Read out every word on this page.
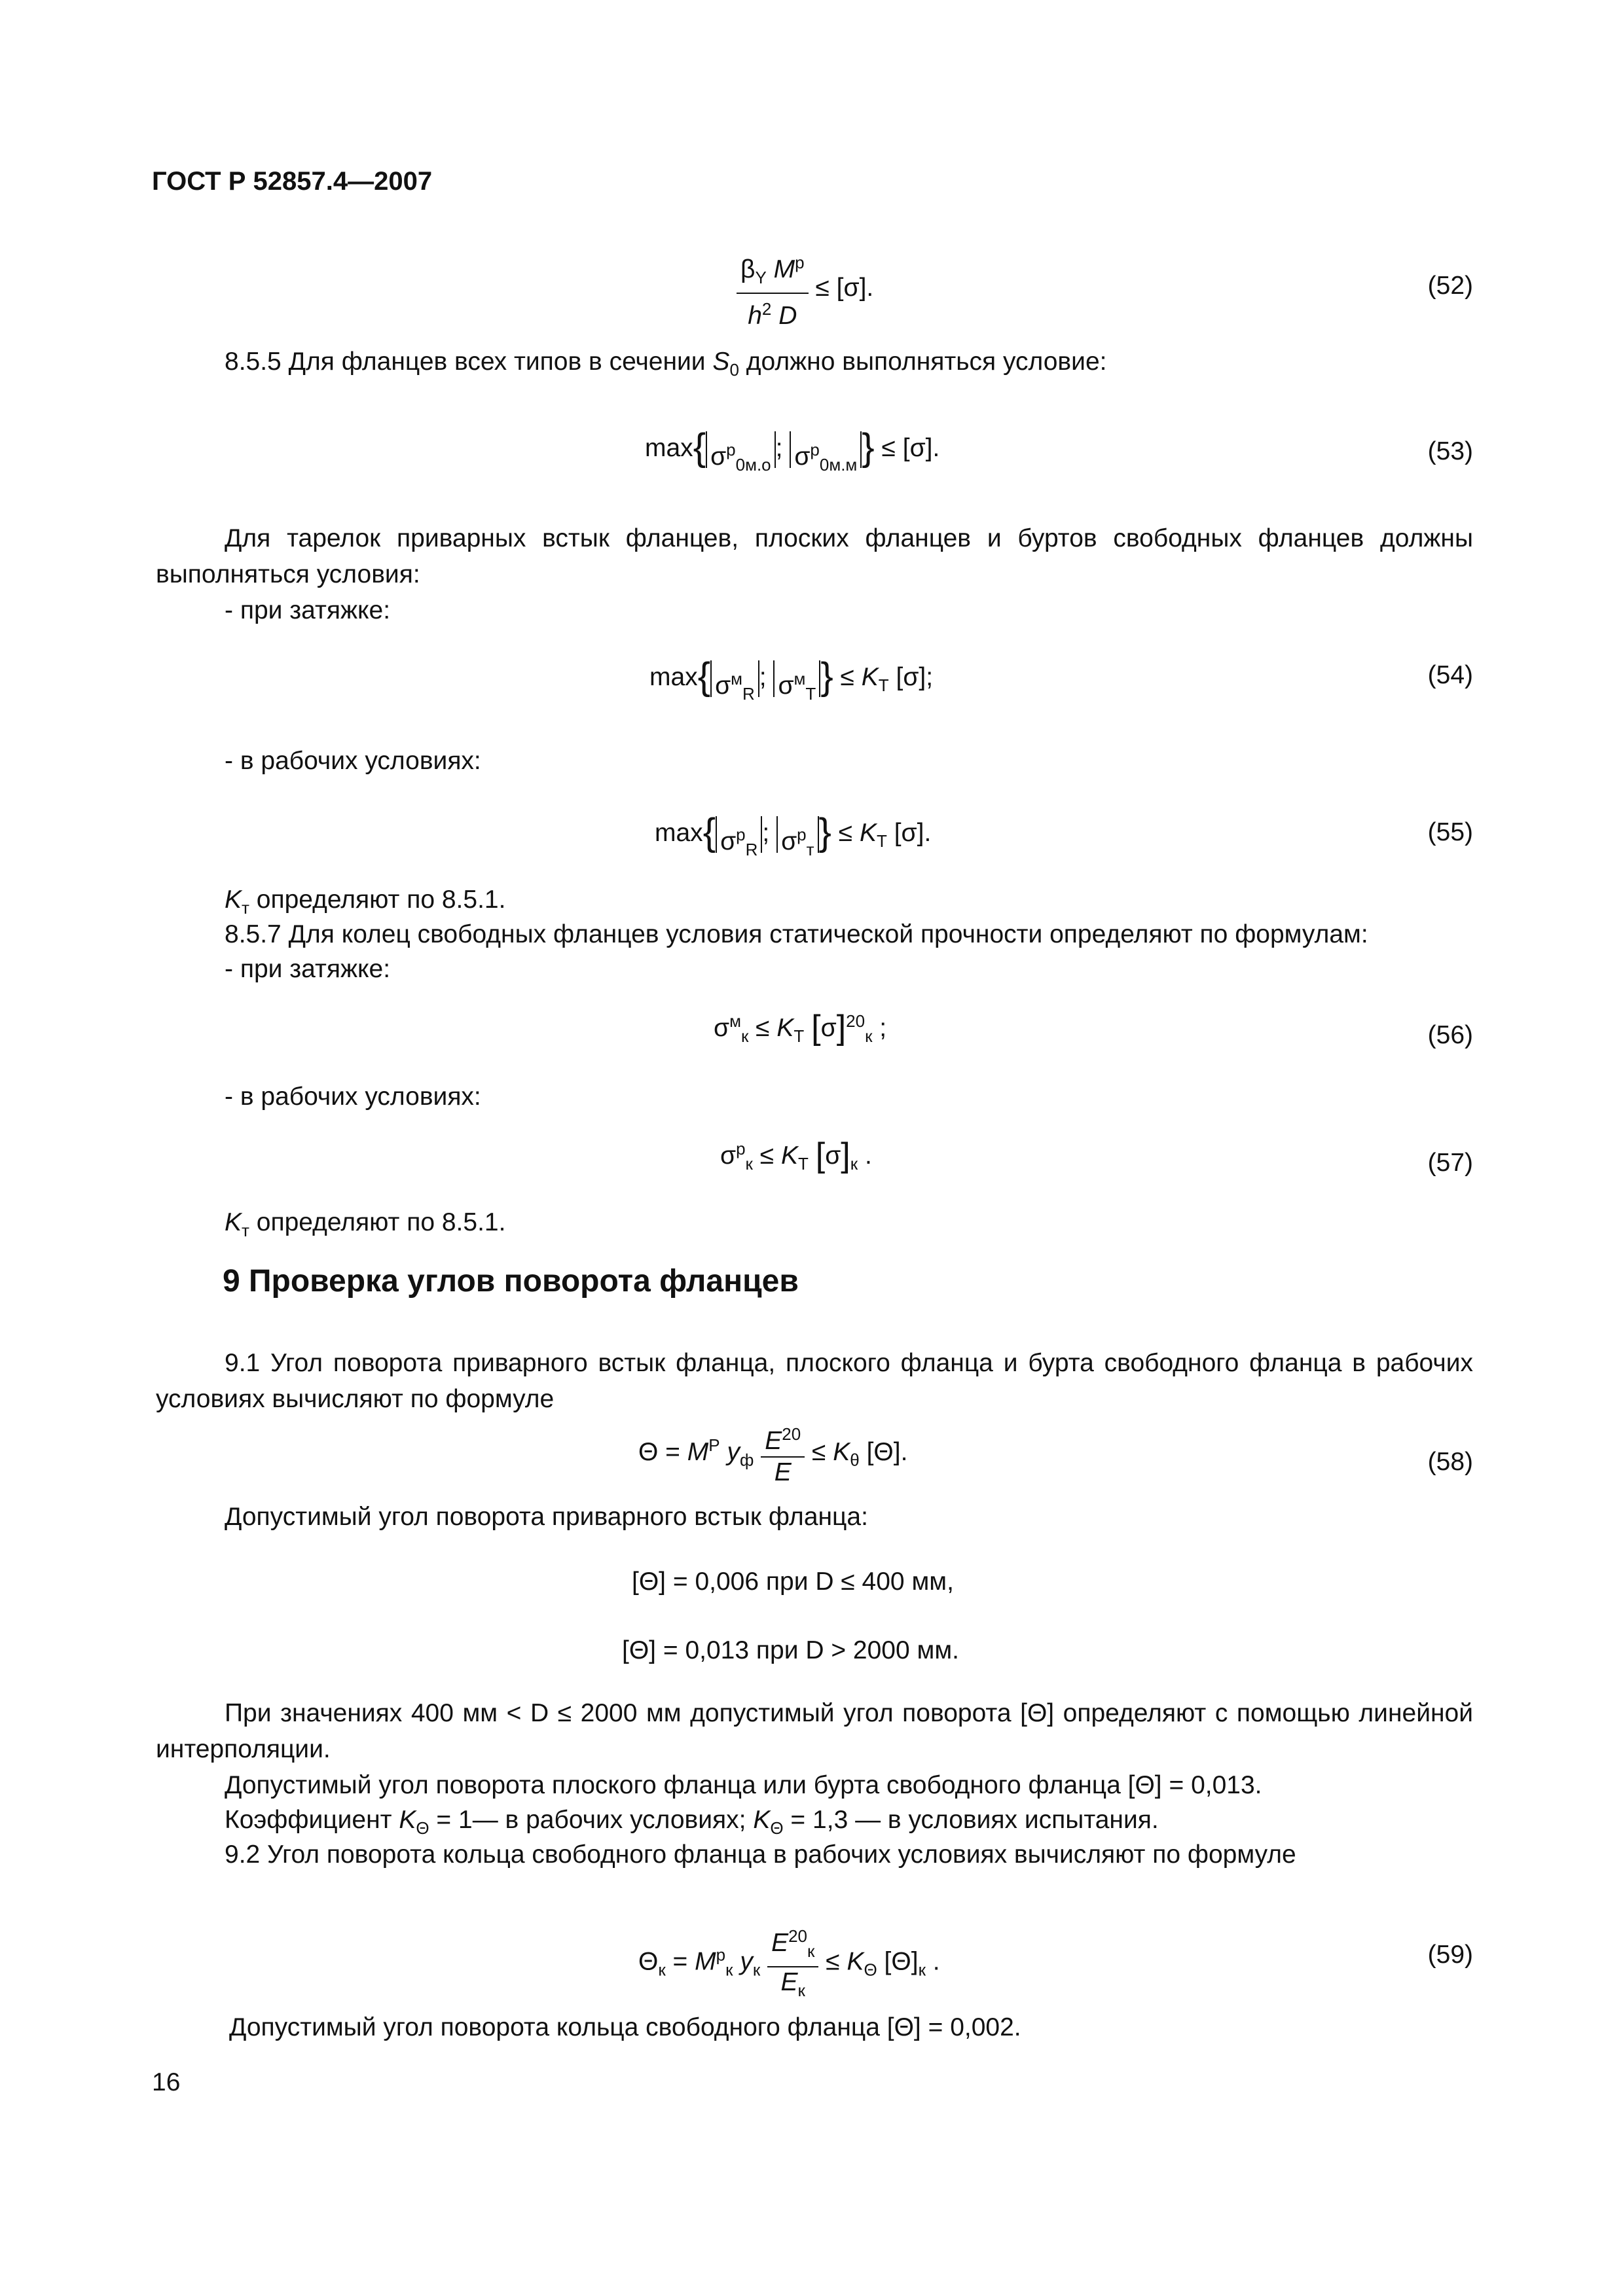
ГОСТ Р 52857.4—2007
$\frac{\beta_Y M^p}{h^2 D} \le [\sigma]$.	(52)
8.5.5 Для фланцев всех типов в сечении $S_0$ должно выполняться условие:
max{ $\sigma^p_{0м.о}$; $\sigma^p_{0м.м}$ } ≤ [σ].	(53)
Для тарелок приварных встык фланцев, плоских фланцев и буртов свободных фланцев должны выполняться условия:
- при затяжке:
max{ $\sigma^м_R$; $\sigma^м_T$ } ≤ $K_T$ [σ];	(54)
- в рабочих условиях:
max{ $\sigma^p_R$; $\sigma^p_т$ } ≤ $K_T$ [σ].	(55)
$K_т$ определяют по 8.5.1.
8.5.7 Для колец свободных фланцев условия статической прочности определяют по формулам:
- при затяжке:
$\sigma^м_к \le K_T$ $[\sigma]^{20}_к$ ;	(56)
- в рабочих условиях:
$\sigma^p_к \le K_T$ $[\sigma]_к$ .	(57)
$K_т$ определяют по 8.5.1.
9 Проверка углов поворота фланцев
9.1 Угол поворота приварного встык фланца, плоского фланца и бурта свободного фланца в рабочих условиях вычисляют по формуле
$\Theta = M^P$ $y_ф \frac{E^{20}}{E} \le K_\theta$ [Θ].	(58)
Допустимый угол поворота приварного встык фланца:
[Θ] = 0,006 при D ≤ 400 мм,
[Θ] = 0,013 при D > 2000 мм.
При значениях 400 мм < D ≤ 2000 мм допустимый угол поворота [Θ] определяют с помощью линейной интерполяции.
Допустимый угол поворота плоского фланца или бурта свободного фланца [Θ] = 0,013.
Коэффициент $K_\Theta$ = 1— в рабочих условиях; $K_\Theta = 1,3$ — в условиях испытания.
9.2 Угол поворота кольца свободного фланца в рабочих условиях вычисляют по формуле
$\Theta_к = M^p_к$ $y_к \frac{E^{20}_к}{E_к} \le K_\Theta$ $[\Theta]_к$ .	(59)
Допустимый угол поворота кольца свободного фланца [Θ] = 0,002.
16
